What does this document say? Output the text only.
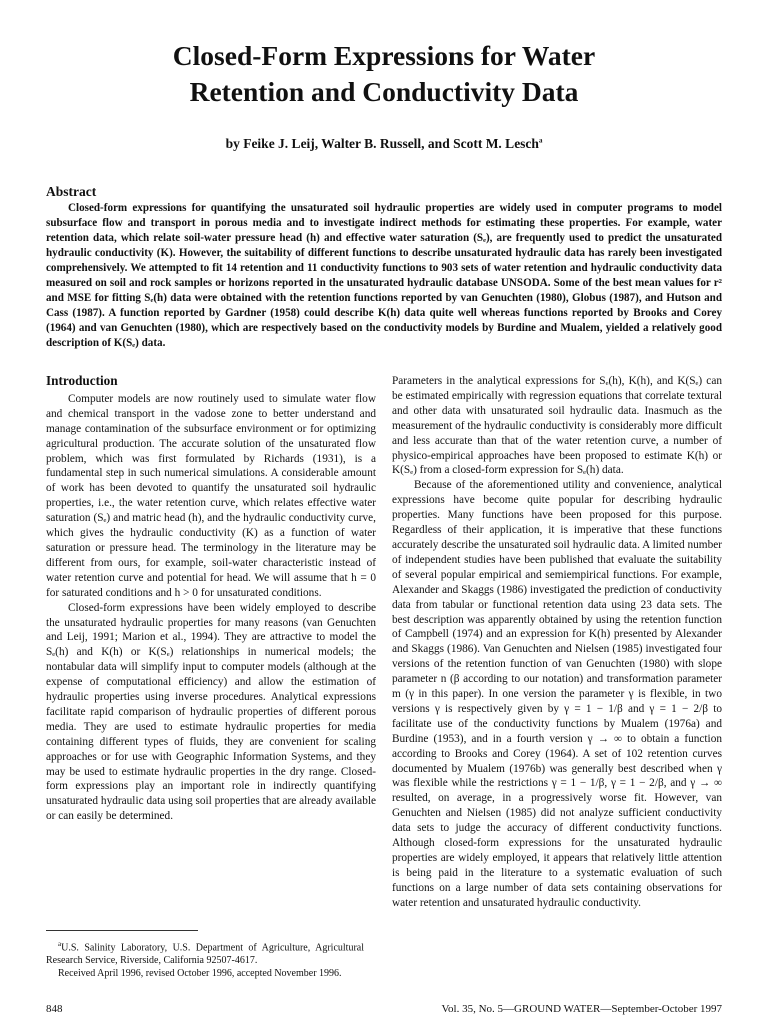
Closed-Form Expressions for Water
Retention and Conductivity Data
by Feike J. Leij, Walter B. Russell, and Scott M. Lesch$^a$
Abstract

Closed-form expressions for quantifying the unsaturated soil hydraulic properties are widely used in computer programs to model subsurface flow and transport in porous media and to investigate indirect methods for estimating these properties. For example, water retention data, which relate soil-water pressure head (h) and effective water saturation (Sₑ), are frequently used to predict the unsaturated hydraulic conductivity (K). However, the suitability of different functions to describe unsaturated hydraulic data has rarely been investigated comprehensively. We attempted to fit 14 retention and 11 conductivity functions to 903 sets of water retention and hydraulic conductivity data measured on soil and rock samples or horizons reported in the unsaturated hydraulic database UNSODA. Some of the best mean values for r² and MSE for fitting Sₑ(h) data were obtained with the retention functions reported by van Genuchten (1980), Globus (1987), and Hutson and Cass (1987). A function reported by Gardner (1958) could describe K(h) data quite well whereas functions reported by Brooks and Corey (1964) and van Genuchten (1980), which are respectively based on the conductivity models by Burdine and Mualem, yielded a relatively good description of K(Sₑ) data.

Introduction

Computer models are now routinely used to simulate water flow and chemical transport in the vadose zone to better understand and manage contamination of the subsurface environment or for optimizing agricultural production. The accurate solution of the unsaturated flow problem, which was first formulated by Richards (1931), is a fundamental step in such numerical simulations. A considerable amount of work has been devoted to quantify the unsaturated soil hydraulic properties, i.e., the water retention curve, which relates effective water saturation (Sₑ) and matric head (h), and the hydraulic conductivity curve, which gives the hydraulic conductivity (K) as a function of water saturation or pressure head. The terminology in the literature may be different from ours, for example, soil-water characteristic instead of water retention curve and potential for head. We will assume that h = 0 for saturated conditions and h > 0 for unsaturated conditions.

Closed-form expressions have been widely employed to describe the unsaturated hydraulic properties for many reasons (van Genuchten and Leij, 1991; Marion et al., 1994). They are attractive to model the Sₑ(h) and K(h) or K(Sₑ) relationships in numerical models; the nontabular data will simplify input to computer models (although at the expense of computational efficiency) and allow the estimation of hydraulic properties using inverse procedures. Analytical expressions facilitate rapid comparison of hydraulic properties of different porous media. They are used to estimate hydraulic properties for media containing different types of fluids, they are convenient for scaling approaches or for use with Geographic Information Systems, and they may be used to estimate hydraulic properties in the dry range. Closed-form expressions play an important role in indirectly quantifying unsaturated hydraulic data using soil properties that are already available or can easily be determined.

Parameters in the analytical expressions for Sₑ(h), K(h), and K(Sₑ) can be estimated empirically with regression equations that correlate textural and other data with unsaturated soil hydraulic data. Inasmuch as the measurement of the hydraulic conductivity is considerably more difficult and less accurate than that of the water retention curve, a number of physico-empirical approaches have been proposed to estimate K(h) or K(Sₑ) from a closed-form expression for Sₑ(h) data.

Because of the aforementioned utility and convenience, analytical expressions have become quite popular for describing hydraulic properties. Many functions have been proposed for this purpose. Regardless of their application, it is imperative that these functions accurately describe the unsaturated soil hydraulic data. A limited number of independent studies have been published that evaluate the suitability of several popular empirical and semiempirical functions. For example, Alexander and Skaggs (1986) investigated the prediction of conductivity data from tabular or functional retention data using 23 data sets. The best description was apparently obtained by using the retention function of Campbell (1974) and an expression for K(h) presented by Alexander and Skaggs (1986). Van Genuchten and Nielsen (1985) investigated four versions of the retention function of van Genuchten (1980) with slope parameter n (β according to our notation) and transformation parameter m (γ in this paper). In one version the parameter γ is flexible, in two versions γ is respectively given by γ = 1 − 1/β and γ = 1 − 2/β to facilitate use of the conductivity functions by Mualem (1976a) and Burdine (1953), and in a fourth version γ → ∞ to obtain a function according to Brooks and Corey (1964). A set of 102 retention curves documented by Mualem (1976b) was generally best described when γ was flexible while the restrictions γ = 1 − 1/β, γ = 1 − 2/β, and γ → ∞ resulted, on average, in a progressively worse fit. However, van Genuchten and Nielsen (1985) did not analyze sufficient conductivity data sets to judge the accuracy of different conductivity functions. Although closed-form expressions for the unsaturated hydraulic properties are widely employed, it appears that relatively little attention is being paid in the literature to a systematic evaluation of such functions on a large number of data sets containing observations for water retention and unsaturated hydraulic conductivity.

$^a$U.S. Salinity Laboratory, U.S. Department of Agriculture, Agricultural Research Service, Riverside, California 92507-4617.

Received April 1996, revised October 1996, accepted November 1996.

848	Vol. 35, No. 5—GROUND WATER—September-October 1997
